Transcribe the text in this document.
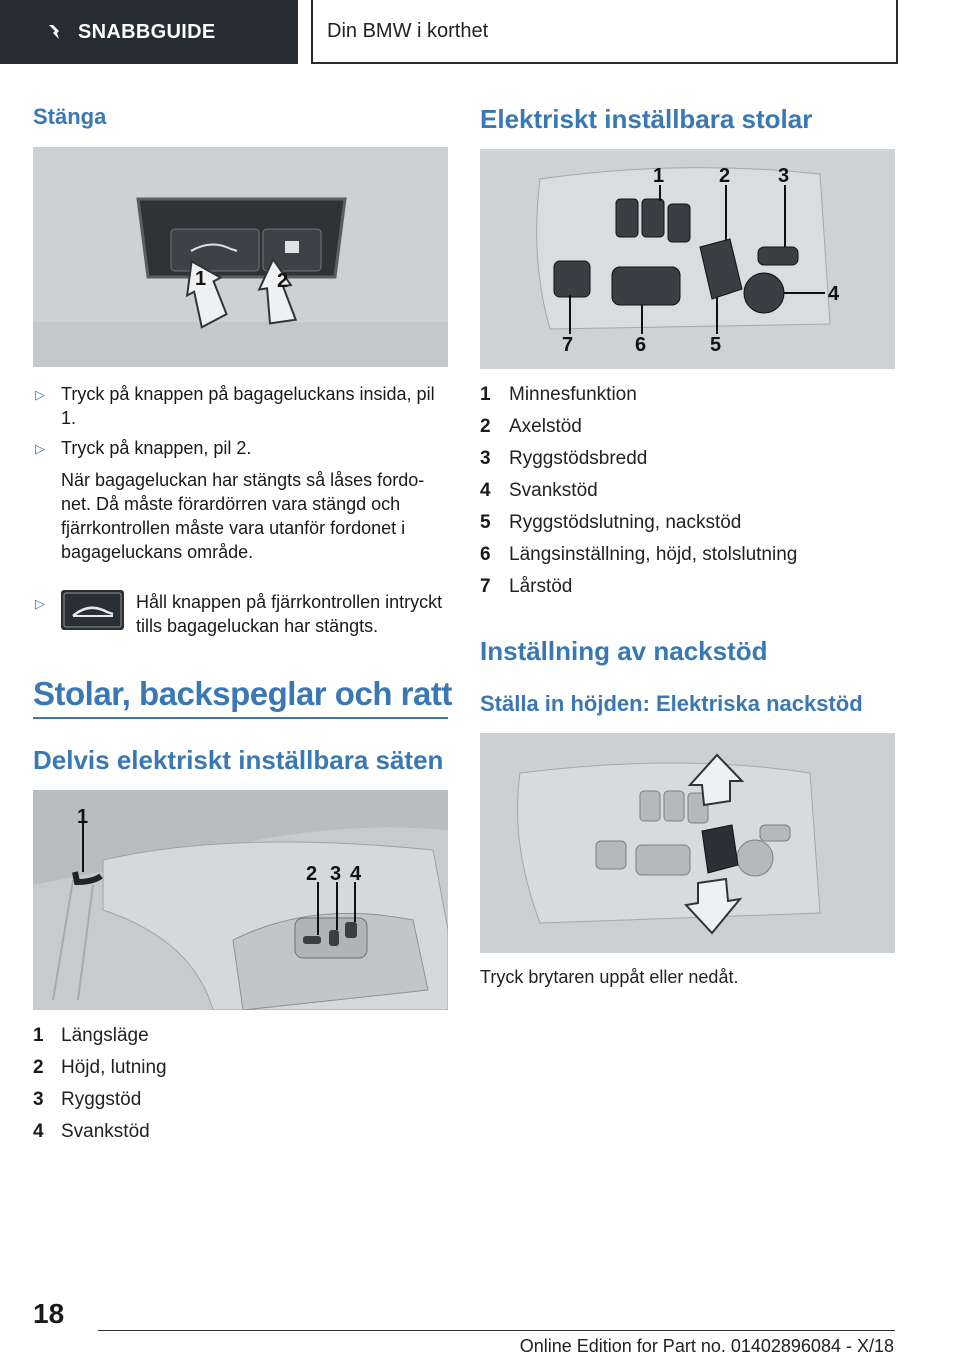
SNABBGUIDE	Din BMW i korthet
Stänga
1	2
▷ Tryck på knappen på bagageluckans insida, pil 1.
▷ Tryck på knappen, pil 2.
När bagageluckan har stängts så låses fordonet. Då måste förardörren vara stängd och fjärrkontrollen måste vara utanför fordonet i bagageluckans område.
▷	Håll knappen på fjärrkontrollen intryckt tills bagageluckan har stängts.
Stolar, backspeglar och ratt
Delvis elektriskt inställbara säten
1
2 3 4
1 Längsläge
2 Höjd, lutning
3 Ryggstöd
4 Svankstöd
Elektriskt inställbara stolar
1	2 3
4
5
6
7
1 Minnesfunktion
2 Axelstöd
3 Ryggstödsbredd
4 Svankstöd
5 Ryggstödslutning, nackstöd
6 Längsinställning, höjd, stolslutning
7 Lårstöd
Inställning av nackstöd
Ställa in höjden: Elektriska nackstöd
Tryck brytaren uppåt eller nedåt.
18
Online Edition for Part no. 01402896084 - X/18
